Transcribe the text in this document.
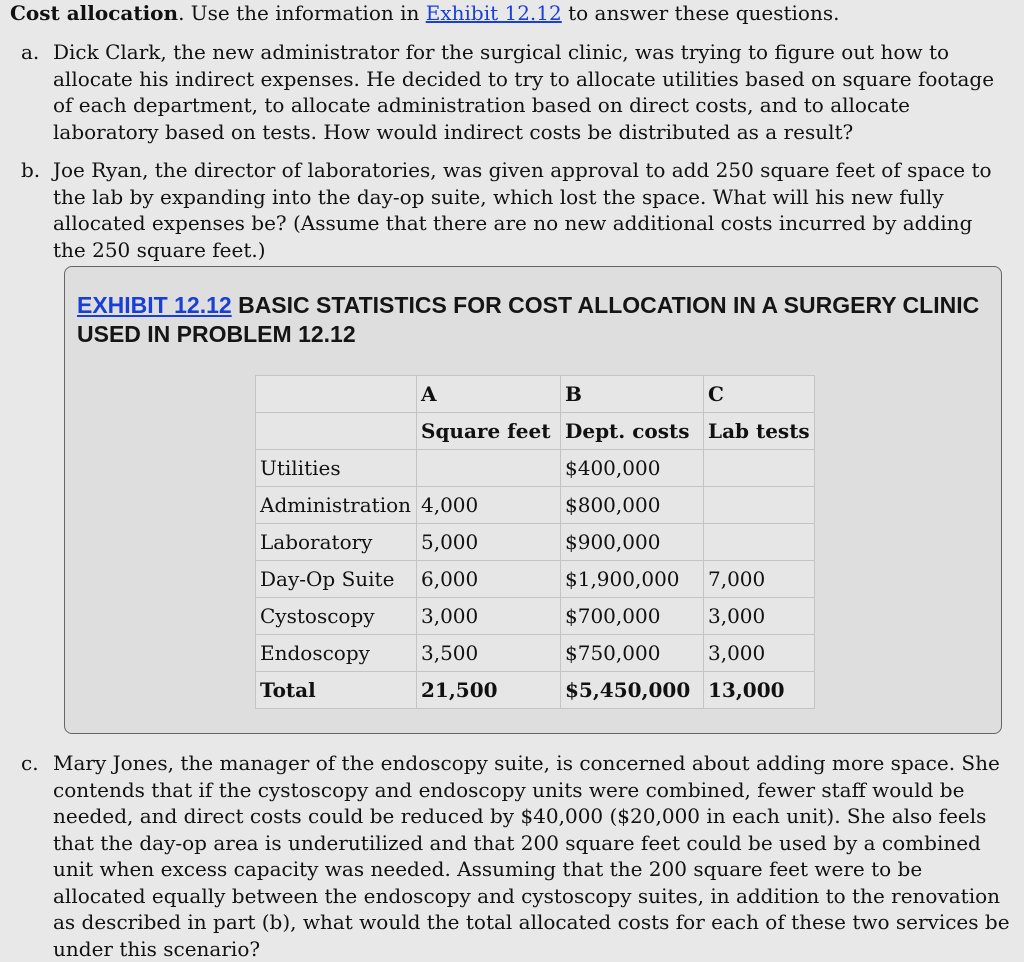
Cost allocation. Use the information in Exhibit 12.12 to answer these questions.
a. Dick Clark, the new administrator for the surgical clinic, was trying to figure out how to allocate his indirect expenses. He decided to try to allocate utilities based on square footage of each department, to allocate administration based on direct costs, and to allocate laboratory based on tests. How would indirect costs be distributed as a result?
b. Joe Ryan, the director of laboratories, was given approval to add 250 square feet of space to the lab by expanding into the day-op suite, which lost the space. What will his new fully allocated expenses be? (Assume that there are no new additional costs incurred by adding the 250 square feet.)
EXHIBIT 12.12 BASIC STATISTICS FOR COST ALLOCATION IN A SURGERY CLINIC USED IN PROBLEM 12.12
	A	B	C
	Square feet	Dept. costs	Lab tests
Utilities		$400,000	
Administration	4,000	$800,000	
Laboratory	5,000	$900,000	
Day-Op Suite	6,000	$1,900,000	7,000
Cystoscopy	3,000	$700,000	3,000
Endoscopy	3,500	$750,000	3,000
Total	21,500	$5,450,000	13,000
c. Mary Jones, the manager of the endoscopy suite, is concerned about adding more space. She contends that if the cystoscopy and endoscopy units were combined, fewer staff would be needed, and direct costs could be reduced by $40,000 ($20,000 in each unit). She also feels that the day-op area is underutilized and that 200 square feet could be used by a combined unit when excess capacity was needed. Assuming that the 200 square feet were to be allocated equally between the endoscopy and cystoscopy suites, in addition to the renovation as described in part (b), what would the total allocated costs for each of these two services be under this scenario?
